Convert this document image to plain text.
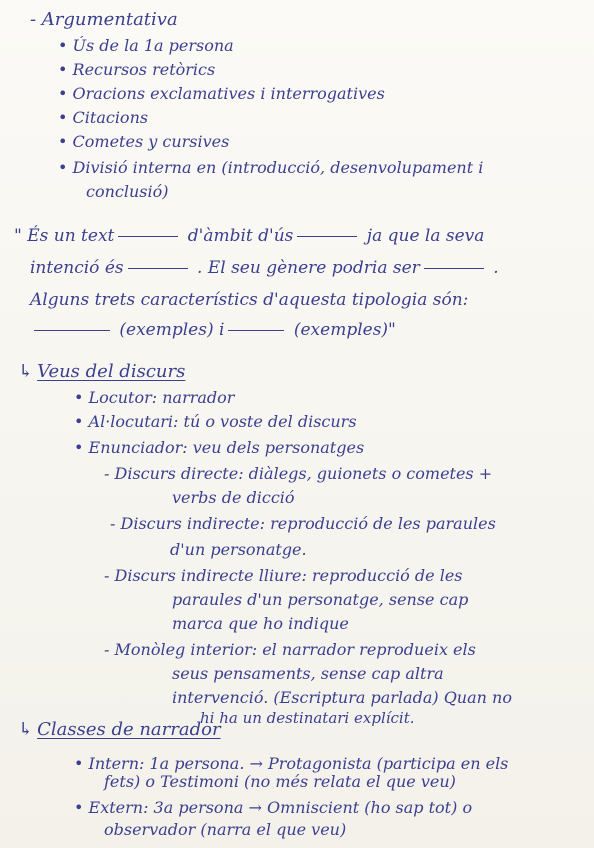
- Argumentativa
• Ús de la 1a persona
• Recursos retòrics
• Oracions exclamatives i interrogatives
• Citacions
• Cometes y cursives
• Divisió interna en (introducció, desenvolupament i
conclusió)
" És un text	d'àmbit d'ús	ja que la seva
intenció és	. El seu gènere podria ser	.
Alguns trets característics d'aquesta tipologia són:
(exemples) i	(exemples)"
↳ Veus del discurs
• Locutor: narrador
• Al·locutari: tú o voste del discurs
• Enunciador: veu dels personatges
- Discurs directe: diàlegs, guionets o cometes +
verbs de dicció
- Discurs indirecte: reproducció de les paraules
d'un personatge.
- Discurs indirecte lliure: reproducció de les
paraules d'un personatge, sense cap
marca que ho indique
- Monòleg interior: el narrador reprodueix els
seus pensaments, sense cap altra
intervenció. (Escriptura parlada) Quan no
hi ha un destinatari explícit.
↳ Classes de narrador
• Intern: 1a persona. → Protagonista (participa en els
fets) o Testimoni (no més relata el que veu)
• Extern: 3a persona → Omniscient (ho sap tot) o
observador (narra el que veu)
